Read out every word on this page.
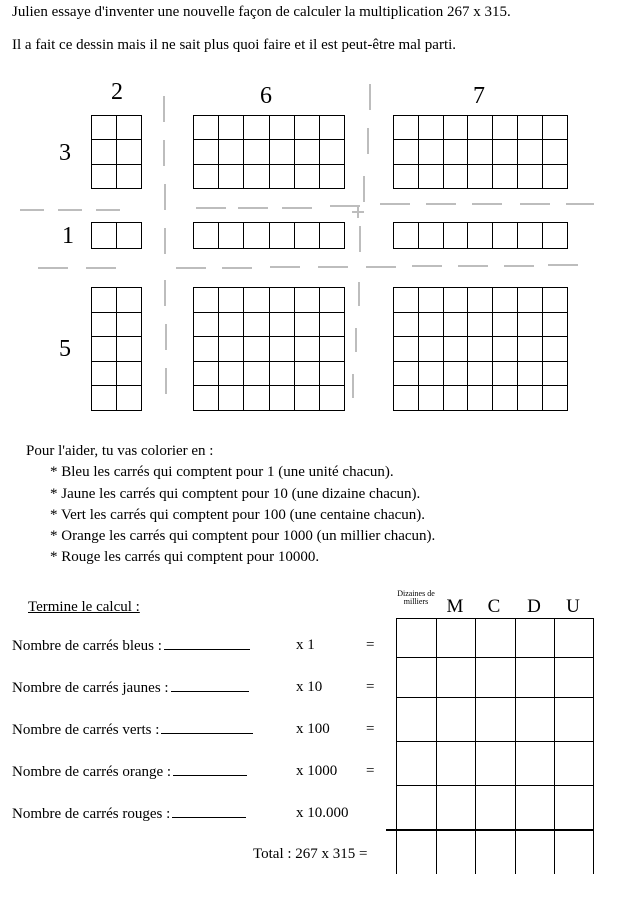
Julien essaye d'inventer une nouvelle façon de calculer la multiplication 267 x 315.
Il a fait ce dessin mais il ne sait plus quoi faire et il est peut-être mal parti.
2	6	7
3
1
5
Pour l'aider, tu vas colorier en :
* Bleu les carrés qui comptent pour 1 (une unité chacun).
* Jaune les carrés qui comptent pour 10 (une dizaine chacun).
* Vert les carrés qui comptent pour 100 (une centaine chacun).
* Orange les carrés qui comptent pour 1000 (un millier chacun).
* Rouge les carrés qui comptent pour 10000.
Termine le calcul :
Nombre de carrés bleus :	x 1	=
Nombre de carrés jaunes :	x 10	=
Nombre de carrés verts :	x 100 =
Nombre de carrés orange :	x 1000 =
Nombre de carrés rouges :	x 10.000
Total : 267 x 315 =
Dizaines de milliers M	C	D	U
